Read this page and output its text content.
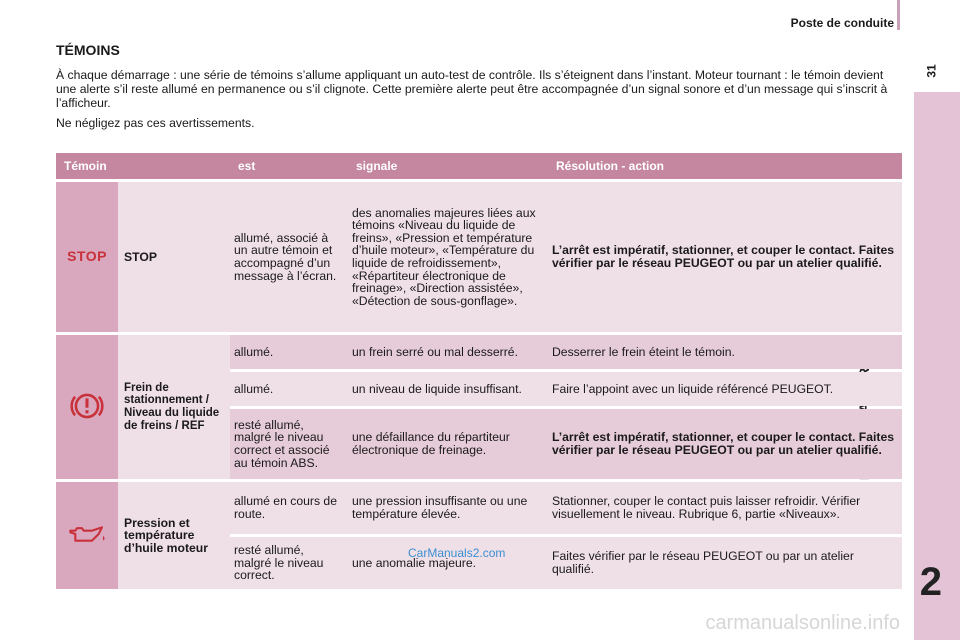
Poste de conduite
31
2
TÉMOINS

À chaque démarrage : une série de témoins s’allume appliquant un auto-test de contrôle. Ils s’éteignent dans l’instant. Moteur tournant : le témoin devient une alerte s’il reste allumé en permanence ou s’il clignote. Cette première alerte peut être accompagnée d’un signal sonore et d’un message qui s’inscrit à l’afficheur.

Ne négligez pas ces avertissements.

Témoin		est	signale	Résolution - action
STOP	STOP	allumé, associé à un autre témoin et accompagné d’un message à l’écran.	des anomalies majeures liées aux témoins «Niveau du liquide de freins», «Pression et température d’huile moteur», «Température du liquide de refroidissement», «Répartiteur électronique de freinage», «Direction assistée», «Détection de sous-gonflage».	L’arrêt est impératif, stationner, et couper le contact. Faites vérifier par le réseau PEUGEOT ou par un atelier qualifié.
	Frein de stationnement / Niveau du liquide de freins / REF	allumé.	un frein serré ou mal desserré.	Desserrer le frein éteint le témoin.
		allumé.	un niveau de liquide insuffisant.	Faire l’appoint avec un liquide référencé PEUGEOT.
		resté allumé, malgré le niveau correct et associé au témoin ABS.	une défaillance du répartiteur électronique de freinage.	L’arrêt est impératif, stationner, et couper le contact. Faites vérifier par le réseau PEUGEOT ou par un atelier qualifié.
	Pression et température d’huile moteur	allumé en cours de route.	une pression insuffisante ou une température élevée.	Stationner, couper le contact puis laisser refroidir. Vérifier visuellement le niveau. Rubrique 6, partie «Niveaux».
		resté allumé, malgré le niveau correct.	une anomalie majeure.	Faites vérifier par le réseau PEUGEOT ou par un atelier qualifié.
CarManuals2.com
carmanualsonline.info
